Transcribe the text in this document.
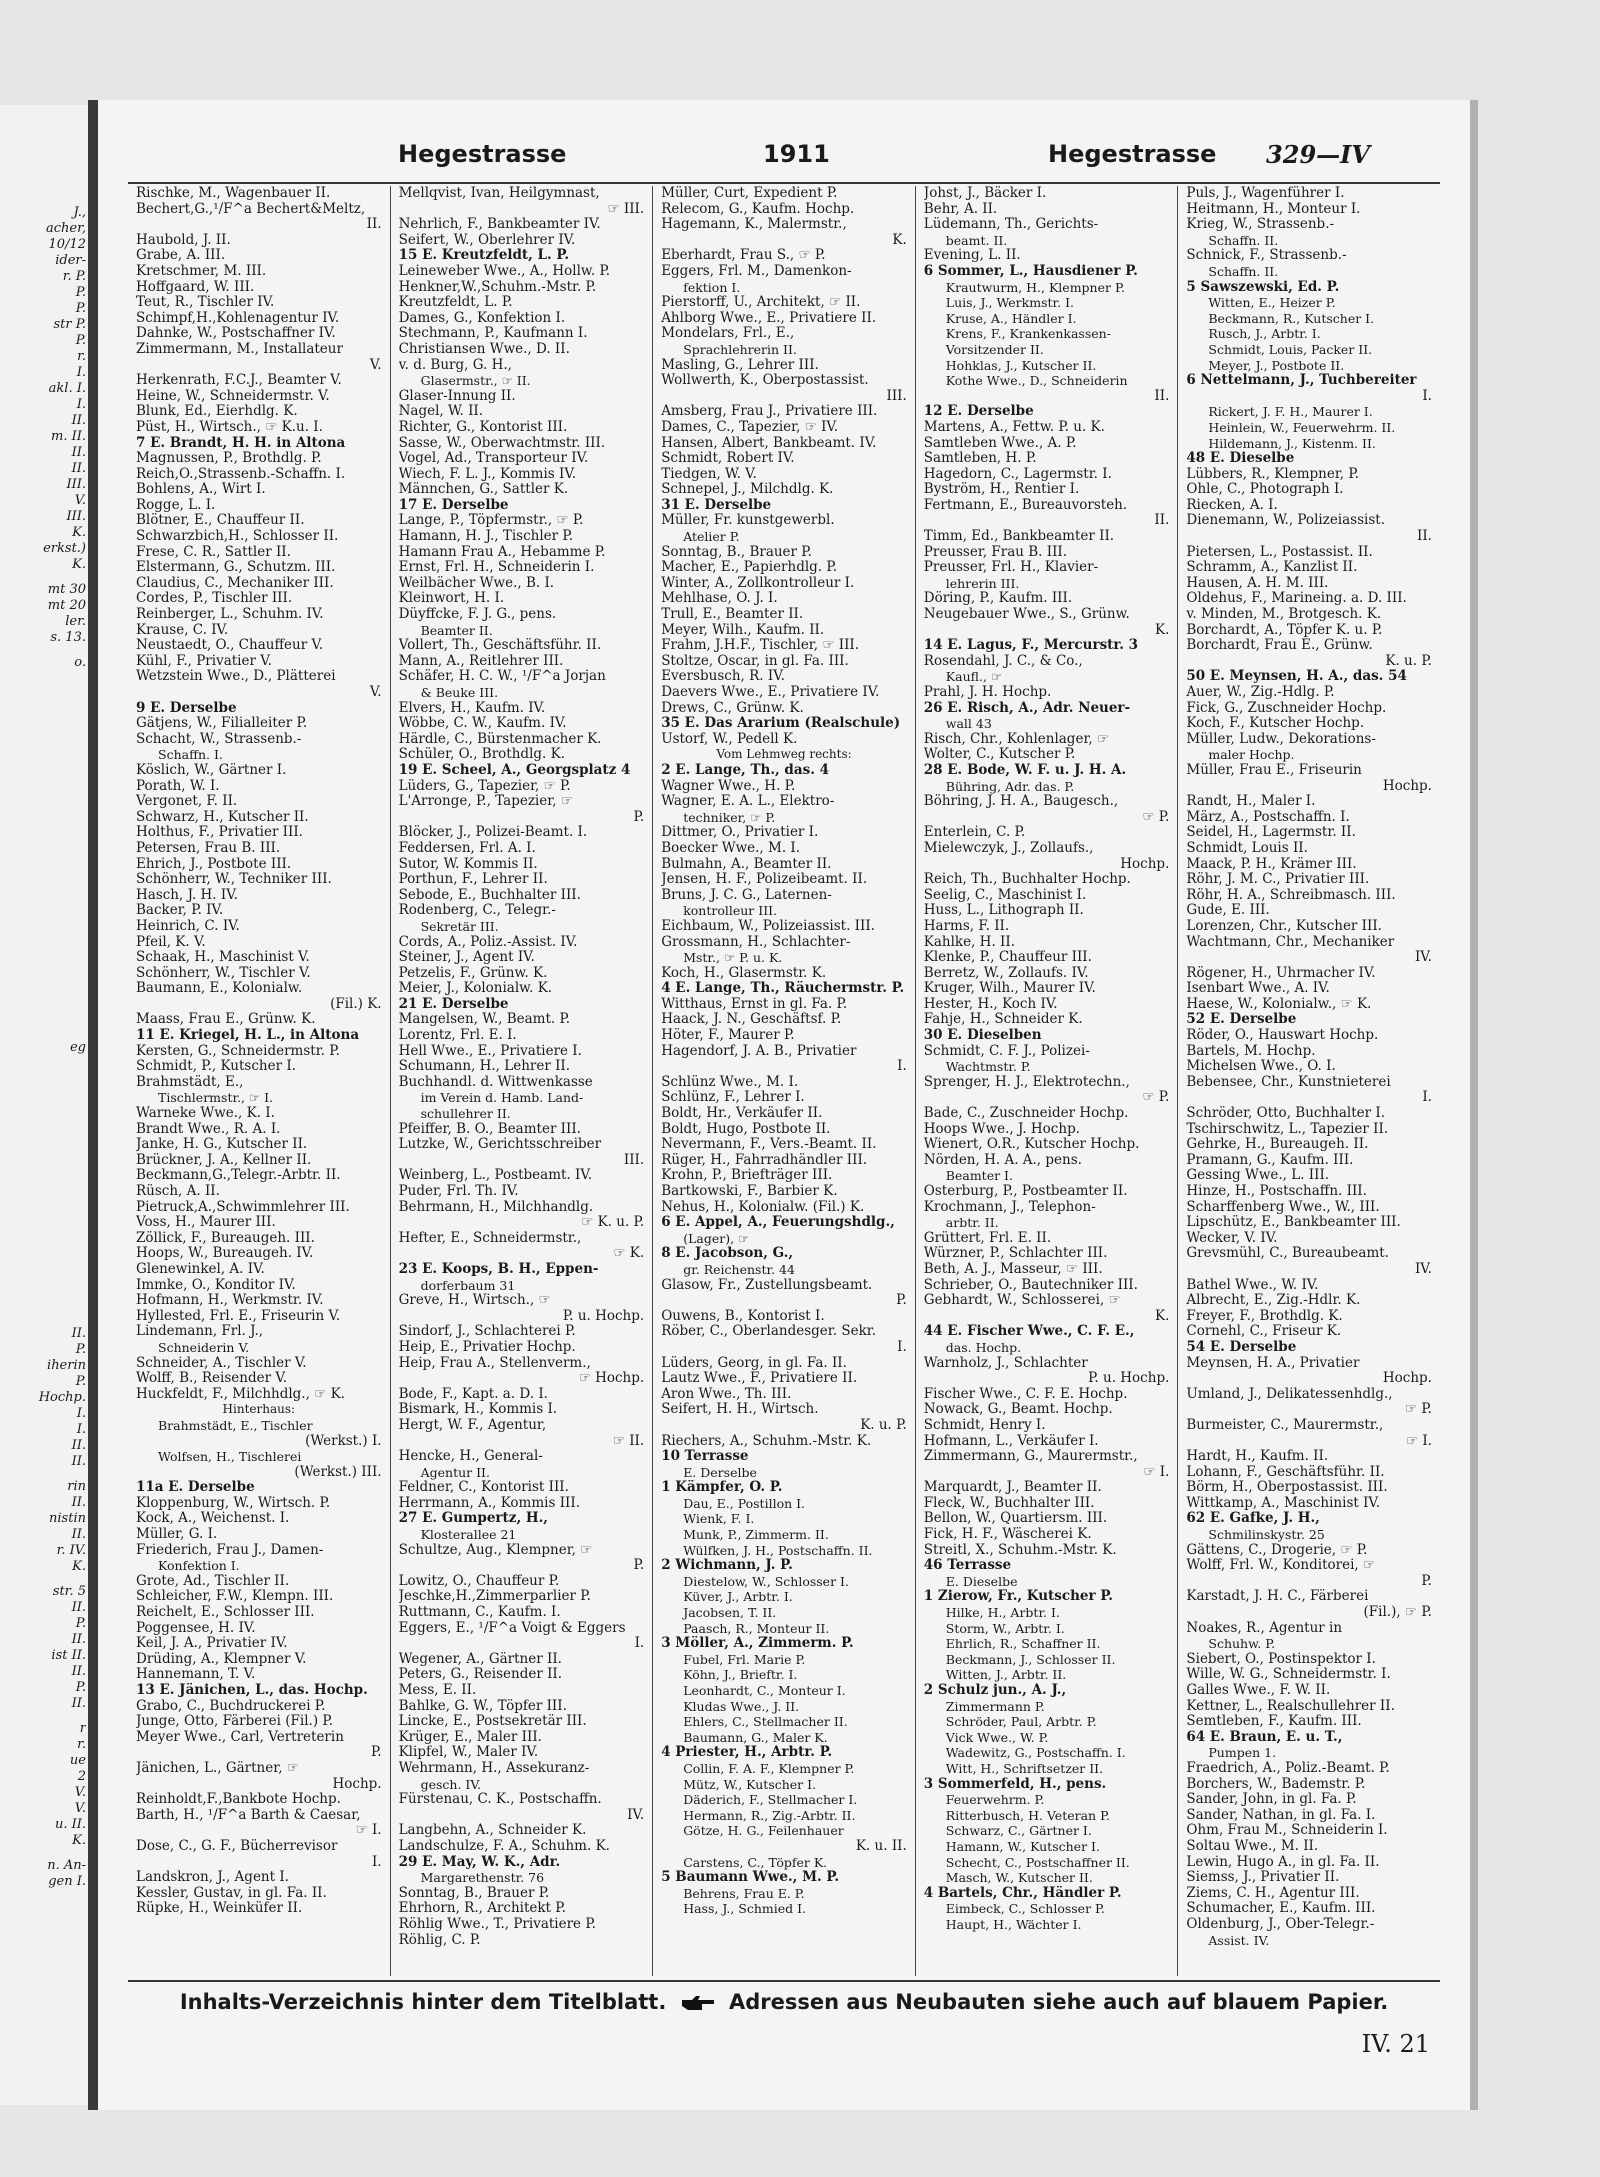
J.,
acher,
10/12
ider-
r. P.
P.
P.
str P.
P.
r.
I.
akl. I.
I.
II.
m. II.
II.
II.
III.
V.
III.
K.
erkst.)
K.
mt 30
mt 20
ler.
s. 13.
o.
eg
II.
P.
iherin
P.
Hochp.
I.
I.
II.
II.
rin
II.
nistin
II.
r. IV.
K.
str. 5
II.
P.
II.
ist II.
II.
P.
II.
r
r.
ue
2
V.
V.
u. II.
K.
n. An-
gen I.
Hegestrasse	1911	Hegestrasse 329—IV
Rischke, M., Wagenbauer II.
Bechert,G.,¹/F^a Bechert&Meltz,
II.
Haubold, J. II.
Grabe, A. III.
Kretschmer, M. III.
Hoffgaard, W. III.
Teut, R., Tischler IV.
Schimpf,H.,Kohlenagentur IV.
Dahnke, W., Postschaffner IV.
Zimmermann, M., Installateur
V.
Herkenrath, F.C.J., Beamter V.
Heine, W., Schneidermstr. V.
Blunk, Ed., Eierhdlg. K.
Püst, H., Wirtsch., ☞ K.u. I.
7 E. Brandt, H. H. in Altona
Magnussen, P., Brothdlg. P.
Reich,O.,Strassenb.-Schaffn. I.
Bohlens, A., Wirt I.
Rogge, L. I.
Blötner, E., Chauffeur II.
Schwarzbich,H., Schlosser II.
Frese, C. R., Sattler II.
Elstermann, G., Schutzm. III.
Claudius, C., Mechaniker III.
Cordes, P., Tischler III.
Reinberger, L., Schuhm. IV.
Krause, C. IV.
Neustaedt, O., Chauffeur V.
Kühl, F., Privatier V.
Wetzstein Wwe., D., Plätterei
V.
9 E. Derselbe
Gätjens, W., Filialleiter P.
Schacht, W., Strassenb.-
Schaffn. I.
Köslich, W., Gärtner I.
Porath, W. I.
Vergonet, F. II.
Schwarz, H., Kutscher II.
Holthus, F., Privatier III.
Petersen, Frau B. III.
Ehrich, J., Postbote III.
Schönherr, W., Techniker III.
Hasch, J. H. IV.
Backer, P. IV.
Heinrich, C. IV.
Pfeil, K. V.
Schaak, H., Maschinist V.
Schönherr, W., Tischler V.
Baumann, E., Kolonialw.
(Fil.) K.
Maass, Frau E., Grünw. K.
11 E. Kriegel, H. L., in Altona
Kersten, G., Schneidermstr. P.
Schmidt, P., Kutscher I.
Brahmstädt, E.,
Tischlermstr., ☞ I.
Warneke Wwe., K. I.
Brandt Wwe., R. A. I.
Janke, H. G., Kutscher II.
Brückner, J. A., Kellner II.
Beckmann,G.,Telegr.-Arbtr. II.
Rüsch, A. II.
Pietruck,A.,Schwimmlehrer III.
Voss, H., Maurer III.
Zöllick, F., Bureaugeh. III.
Hoops, W., Bureaugeh. IV.
Glenewinkel, A. IV.
Immke, O., Konditor IV.
Hofmann, H., Werkmstr. IV.
Hyllested, Frl. E., Friseurin V.
Lindemann, Frl. J.,
Schneiderin V.
Schneider, A., Tischler V.
Wolff, B., Reisender V.
Huckfeldt, F., Milchhdlg., ☞ K.
Hinterhaus:
Brahmstädt, E., Tischler
(Werkst.) I.
Wolfsen, H., Tischlerei
(Werkst.) III.
11a E. Derselbe
Kloppenburg, W., Wirtsch. P.
Kock, A., Weichenst. I.
Müller, G. I.
Friederich, Frau J., Damen-
Konfektion I.
Grote, Ad., Tischler II.
Schleicher, F.W., Klempn. III.
Reichelt, E., Schlosser III.
Poggensee, H. IV.
Keil, J. A., Privatier IV.
Drüding, A., Klempner V.
Hannemann, T. V.
13 E. Jänichen, L., das. Hochp.
Grabo, C., Buchdruckerei P.
Junge, Otto, Färberei (Fil.) P.
Meyer Wwe., Carl, Vertreterin
P.
Jänichen, L., Gärtner, ☞
Hochp.
Reinholdt,F.,Bankbote Hochp.
Barth, H., ¹/F^a Barth & Caesar,
☞ I.
Dose, C., G. F., Bücherrevisor
I.
Landskron, J., Agent I.
Kessler, Gustav, in gl. Fa. II.
Rüpke, H., Weinküfer II.
Mellqvist, Ivan, Heilgymnast,
☞ III.
Nehrlich, F., Bankbeamter IV.
Seifert, W., Oberlehrer IV.
15 E. Kreutzfeldt, L. P.
Leineweber Wwe., A., Hollw. P.
Henkner,W.,Schuhm.-Mstr. P.
Kreutzfeldt, L. P.
Dames, G., Konfektion I.
Stechmann, P., Kaufmann I.
Christiansen Wwe., D. II.
v. d. Burg, G. H.,
Glasermstr., ☞ II.
Glaser-Innung II.
Nagel, W. II.
Richter, G., Kontorist III.
Sasse, W., Oberwachtmstr. III.
Vogel, Ad., Transporteur IV.
Wiech, F. L. J., Kommis IV.
Männchen, G., Sattler K.
17 E. Derselbe
Lange, P., Töpfermstr., ☞ P.
Hamann, H. J., Tischler P.
Hamann Frau A., Hebamme P.
Ernst, Frl. H., Schneiderin I.
Weilbächer Wwe., B. I.
Kleinwort, H. I.
Düyffcke, F. J. G., pens.
Beamter II.
Vollert, Th., Geschäftsführ. II.
Mann, A., Reitlehrer III.
Schäfer, H. C. W., ¹/F^a Jorjan
& Beuke III.
Elvers, H., Kaufm. IV.
Wöbbe, C. W., Kaufm. IV.
Härdle, C., Bürstenmacher K.
Schüler, O., Brothdlg. K.
19 E. Scheel, A., Georgsplatz 4
Lüders, G., Tapezier, ☞ P.
L'Arronge, P., Tapezier, ☞
P.
Blöcker, J., Polizei-Beamt. I.
Feddersen, Frl. A. I.
Sutor, W. Kommis II.
Porthun, F., Lehrer II.
Sebode, E., Buchhalter III.
Rodenberg, C., Telegr.-
Sekretär III.
Cords, A., Poliz.-Assist. IV.
Steiner, J., Agent IV.
Petzelis, F., Grünw. K.
Meier, J., Kolonialw. K.
21 E. Derselbe
Mangelsen, W., Beamt. P.
Lorentz, Frl. E. I.
Hell Wwe., E., Privatiere I.
Schumann, H., Lehrer II.
Buchhandl. d. Wittwenkasse
im Verein d. Hamb. Land-
schullehrer II.
Pfeiffer, B. O., Beamter III.
Lutzke, W., Gerichtsschreiber
III.
Weinberg, L., Postbeamt. IV.
Puder, Frl. Th. IV.
Behrmann, H., Milchhandlg.
☞ K. u. P.
Hefter, E., Schneidermstr.,
☞ K.
23 E. Koops, B. H., Eppen-
dorferbaum 31
Greve, H., Wirtsch., ☞
P. u. Hochp.
Sindorf, J., Schlachterei P.
Heip, E., Privatier Hochp.
Heip, Frau A., Stellenverm.,
☞ Hochp.
Bode, F., Kapt. a. D. I.
Bismark, H., Kommis I.
Hergt, W. F., Agentur,
☞ II.
Hencke, H., General-
Agentur II.
Feldner, C., Kontorist III.
Herrmann, A., Kommis III.
27 E. Gumpertz, H.,
Klosterallee 21
Schultze, Aug., Klempner, ☞
P.
Lowitz, O., Chauffeur P.
Jeschke,H.,Zimmerparlier P.
Ruttmann, C., Kaufm. I.
Eggers, E., ¹/F^a Voigt & Eggers
I.
Wegener, A., Gärtner II.
Peters, G., Reisender II.
Mess, E. II.
Bahlke, G. W., Töpfer III.
Lincke, E., Postsekretär III.
Krüger, E., Maler III.
Klipfel, W., Maler IV.
Wehrmann, H., Assekuranz-
gesch. IV.
Fürstenau, C. K., Postschaffn.
IV.
Langbehn, A., Schneider K.
Landschulze, F. A., Schuhm. K.
29 E. May, W. K., Adr.
Margarethenstr. 76
Sonntag, B., Brauer P.
Ehrhorn, R., Architekt P.
Röhlig Wwe., T., Privatiere P.
Röhlig, C. P.
Müller, Curt, Expedient P.
Relecom, G., Kaufm. Hochp.
Hagemann, K., Malermstr.,
K.
Eberhardt, Frau S., ☞ P.
Eggers, Frl. M., Damenkon-
fektion I.
Pierstorff, U., Architekt, ☞ II.
Ahlborg Wwe., E., Privatiere II.
Mondelars, Frl., E.,
Sprachlehrerin II.
Masling, G., Lehrer III.
Wollwerth, K., Oberpostassist.
III.
Amsberg, Frau J., Privatiere III.
Dames, C., Tapezier, ☞ IV.
Hansen, Albert, Bankbeamt. IV.
Schmidt, Robert IV.
Tiedgen, W. V.
Schnepel, J., Milchdlg. K.
31 E. Derselbe
Müller, Fr. kunstgewerbl.
Atelier P.
Sonntag, B., Brauer P.
Macher, E., Papierhdlg. P.
Winter, A., Zollkontrolleur I.
Mehlhase, O. J. I.
Trull, E., Beamter II.
Meyer, Wilh., Kaufm. II.
Frahm, J.H.F., Tischler, ☞ III.
Stoltze, Oscar, in gl. Fa. III.
Eversbusch, R. IV.
Daevers Wwe., E., Privatiere IV.
Drews, C., Grünw. K.
35 E. Das Ärarium (Realschule)
Ustorf, W., Pedell K.
Vom Lehmweg rechts:
2 E. Lange, Th., das. 4
Wagner Wwe., H. P.
Wagner, E. A. L., Elektro-
techniker, ☞ P.
Dittmer, O., Privatier I.
Boecker Wwe., M. I.
Bulmahn, A., Beamter II.
Jensen, H. F., Polizeibeamt. II.
Bruns, J. C. G., Laternen-
kontrolleur III.
Eichbaum, W., Polizeiassist. III.
Grossmann, H., Schlachter-
Mstr., ☞ P. u. K.
Koch, H., Glasermstr. K.
4 E. Lange, Th., Räuchermstr. P.
Witthaus, Ernst in gl. Fa. P.
Haack, J. N., Geschäftsf. P.
Höter, F., Maurer P.
Hagendorf, J. A. B., Privatier
I.
Schlünz Wwe., M. I.
Schlünz, F., Lehrer I.
Boldt, Hr., Verkäufer II.
Boldt, Hugo, Postbote II.
Nevermann, F., Vers.-Beamt. II.
Rüger, H., Fahrradhändler III.
Krohn, P., Briefträger III.
Bartkowski, F., Barbier K.
Nehus, H., Kolonialw. (Fil.) K.
6 E. Appel, A., Feuerungshdlg.,
(Lager), ☞
8 E. Jacobson, G.,
gr. Reichenstr. 44
Glasow, Fr., Zustellungsbeamt.
P.
Ouwens, B., Kontorist I.
Röber, C., Oberlandesger. Sekr.
I.
Lüders, Georg, in gl. Fa. II.
Lautz Wwe., F., Privatiere II.
Aron Wwe., Th. III.
Seifert, H. H., Wirtsch.
K. u. P.
Riechers, A., Schuhm.-Mstr. K.
10 Terrasse
E. Derselbe
1 Kämpfer, O. P.
Dau, E., Postillon I.
Wienk, F. I.
Munk, P., Zimmerm. II.
Wülfken, J. H., Postschaffn. II.
2 Wichmann, J. P.
Diestelow, W., Schlosser I.
Küver, J., Arbtr. I.
Jacobsen, T. II.
Paasch, R., Monteur II.
3 Möller, A., Zimmerm. P.
Fubel, Frl. Marie P.
Köhn, J., Brieftr. I.
Leonhardt, C., Monteur I.
Kludas Wwe., J. II.
Ehlers, C., Stellmacher II.
Baumann, G., Maler K.
4 Priester, H., Arbtr. P.
Collin, F. A. F., Klempner P.
Mütz, W., Kutscher I.
Däderich, F., Stellmacher I.
Hermann, R., Zig.-Arbtr. II.
Götze, H. G., Feilenhauer
K. u. II.
Carstens, C., Töpfer K.
5 Baumann Wwe., M. P.
Behrens, Frau E. P.
Hass, J., Schmied I.
Johst, J., Bäcker I.
Behr, A. II.
Lüdemann, Th., Gerichts-
beamt. II.
Evening, L. II.
6 Sommer, L., Hausdiener P.
Krautwurm, H., Klempner P.
Luis, J., Werkmstr. I.
Kruse, A., Händler I.
Krens, F., Krankenkassen-
Vorsitzender II.
Hohklas, J., Kutscher II.
Kothe Wwe., D., Schneiderin
II.
12 E. Derselbe
Martens, A., Fettw. P. u. K.
Samtleben Wwe., A. P.
Samtleben, H. P.
Hagedorn, C., Lagermstr. I.
Byström, H., Rentier I.
Fertmann, E., Bureauvorsteh.
II.
Timm, Ed., Bankbeamter II.
Preusser, Frau B. III.
Preusser, Frl. H., Klavier-
lehrerin III.
Döring, P., Kaufm. III.
Neugebauer Wwe., S., Grünw.
K.
14 E. Lagus, F., Mercurstr. 3
Rosendahl, J. C., & Co.,
Kaufl., ☞
Prahl, J. H. Hochp.
26 E. Risch, A., Adr. Neuer-
wall 43
Risch, Chr., Kohlenlager, ☞
Wolter, C., Kutscher P.
28 E. Bode, W. F. u. J. H. A.
Bühring, Adr. das. P.
Böhring, J. H. A., Baugesch.,
☞ P.
Enterlein, C. P.
Mielewczyk, J., Zollaufs.,
Hochp.
Reich, Th., Buchhalter Hochp.
Seelig, C., Maschinist I.
Huss, L., Lithograph II.
Harms, F. II.
Kahlke, H. II.
Klenke, P., Chauffeur III.
Berretz, W., Zollaufs. IV.
Kruger, Wilh., Maurer IV.
Hester, H., Koch IV.
Fahje, H., Schneider K.
30 E. Dieselben
Schmidt, C. F. J., Polizei-
Wachtmstr. P.
Sprenger, H. J., Elektrotechn.,
☞ P.
Bade, C., Zuschneider Hochp.
Hoops Wwe., J. Hochp.
Wienert, O.R., Kutscher Hochp.
Nörden, H. A. A., pens.
Beamter I.
Osterburg, P., Postbeamter II.
Krochmann, J., Telephon-
arbtr. II.
Grüttert, Frl. E. II.
Würzner, P., Schlachter III.
Beth, A. J., Masseur, ☞ III.
Schrieber, O., Bautechniker III.
Gebhardt, W., Schlosserei, ☞
K.
44 E. Fischer Wwe., C. F. E.,
das. Hochp.
Warnholz, J., Schlachter
P. u. Hochp.
Fischer Wwe., C. F. E. Hochp.
Nowack, G., Beamt. Hochp.
Schmidt, Henry I.
Hofmann, L., Verkäufer I.
Zimmermann, G., Maurermstr.,
☞ I.
Marquardt, J., Beamter II.
Fleck, W., Buchhalter III.
Bellon, W., Quartiersm. III.
Fick, H. F., Wäscherei K.
Streitl, X., Schuhm.-Mstr. K.
46 Terrasse
E. Dieselbe
1 Zierow, Fr., Kutscher P.
Hilke, H., Arbtr. I.
Storm, W., Arbtr. I.
Ehrlich, R., Schaffner II.
Beckmann, J., Schlosser II.
Witten, J., Arbtr. II.
2 Schulz jun., A. J.,
Zimmermann P.
Schröder, Paul, Arbtr. P.
Vick Wwe., W. P.
Wadewitz, G., Postschaffn. I.
Witt, H., Schriftsetzer II.
3 Sommerfeld, H., pens.
Feuerwehrm. P.
Ritterbusch, H. Veteran P.
Schwarz, C., Gärtner I.
Hamann, W., Kutscher I.
Schecht, C., Postschaffner II.
Masch, W., Kutscher II.
4 Bartels, Chr., Händler P.
Eimbeck, C., Schlosser P.
Haupt, H., Wächter I.
Puls, J., Wagenführer I.
Heitmann, H., Monteur I.
Krieg, W., Strassenb.-
Schaffn. II.
Schnick, F., Strassenb.-
Schaffn. II.
5 Sawszewski, Ed. P.
Witten, E., Heizer P.
Beckmann, R., Kutscher I.
Rusch, J., Arbtr. I.
Schmidt, Louis, Packer II.
Meyer, J., Postbote II.
6 Nettelmann, J., Tuchbereiter
I.
Rickert, J. F. H., Maurer I.
Heinlein, W., Feuerwehrm. II.
Hildemann, J., Kistenm. II.
48 E. Dieselbe
Lübbers, R., Klempner, P.
Ohle, C., Photograph I.
Riecken, A. I.
Dienemann, W., Polizeiassist.
II.
Pietersen, L., Postassist. II.
Schramm, A., Kanzlist II.
Hausen, A. H. M. III.
Oldehus, F., Marineing. a. D. III.
v. Minden, M., Brotgesch. K.
Borchardt, A., Töpfer K. u. P.
Borchardt, Frau E., Grünw.
K. u. P.
50 E. Meynsen, H. A., das. 54
Auer, W., Zig.-Hdlg. P.
Fick, G., Zuschneider Hochp.
Koch, F., Kutscher Hochp.
Müller, Ludw., Dekorations-
maler Hochp.
Müller, Frau E., Friseurin
Hochp.
Randt, H., Maler I.
März, A., Postschaffn. I.
Seidel, H., Lagermstr. II.
Schmidt, Louis II.
Maack, P. H., Krämer III.
Röhr, J. M. C., Privatier III.
Röhr, H. A., Schreibmasch. III.
Gude, E. III.
Lorenzen, Chr., Kutscher III.
Wachtmann, Chr., Mechaniker
IV.
Rögener, H., Uhrmacher IV.
Isenbart Wwe., A. IV.
Haese, W., Kolonialw., ☞ K.
52 E. Derselbe
Röder, O., Hauswart Hochp.
Bartels, M. Hochp.
Michelsen Wwe., O. I.
Bebensee, Chr., Kunstnieterei
I.
Schröder, Otto, Buchhalter I.
Tschirschwitz, L., Tapezier II.
Gehrke, H., Bureaugeh. II.
Pramann, G., Kaufm. III.
Gessing Wwe., L. III.
Hinze, H., Postschaffn. III.
Scharffenberg Wwe., W., III.
Lipschütz, E., Bankbeamter III.
Wecker, V. IV.
Grevsmühl, C., Bureaubeamt.
IV.
Bathel Wwe., W. IV.
Albrecht, E., Zig.-Hdlr. K.
Freyer, F., Brothdlg. K.
Cornehl, C., Friseur K.
54 E. Derselbe
Meynsen, H. A., Privatier
Hochp.
Umland, J., Delikatessenhdlg.,
☞ P.
Burmeister, C., Maurermstr.,
☞ I.
Hardt, H., Kaufm. II.
Lohann, F., Geschäftsführ. II.
Börm, H., Oberpostassist. III.
Wittkamp, A., Maschinist IV.
62 E. Gafke, J. H.,
Schmilinskystr. 25
Gättens, C., Drogerie, ☞ P.
Wolff, Frl. W., Konditorei, ☞
P.
Karstadt, J. H. C., Färberei
(Fil.), ☞ P.
Noakes, R., Agentur in
Schuhw. P.
Siebert, O., Postinspektor I.
Wille, W. G., Schneidermstr. I.
Galles Wwe., F. W. II.
Kettner, L., Realschullehrer II.
Semtleben, F., Kaufm. III.
64 E. Braun, E. u. T.,
Pumpen 1.
Fraedrich, A., Poliz.-Beamt. P.
Borchers, W., Bademstr. P.
Sander, John, in gl. Fa. P.
Sander, Nathan, in gl. Fa. I.
Ohm, Frau M., Schneiderin I.
Soltau Wwe., M. II.
Lewin, Hugo A., in gl. Fa. II.
Siemss, J., Privatier II.
Ziems, C. H., Agentur III.
Schumacher, E., Kaufm. III.
Oldenburg, J., Ober-Telegr.-
Assist. IV.
Inhalts-Verzeichnis hinter dem Titelblatt.	Adressen aus Neubauten siehe auch auf blauem Papier.
IV. 21
